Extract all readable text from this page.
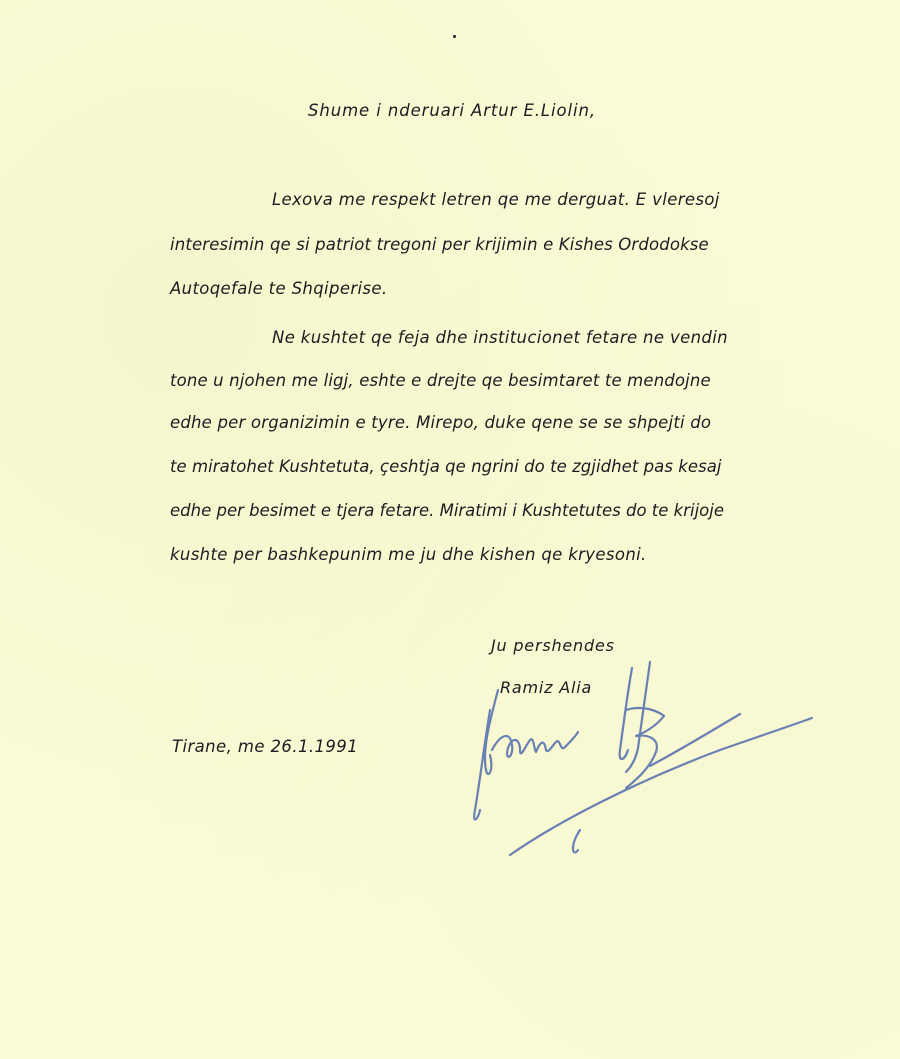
Shume i nderuari Artur E.Liolin,
Lexova me respekt letren qe me derguat. E vleresoj
interesimin qe si patriot tregoni per krijimin e Kishes Ordodokse
Autoqefale te Shqiperise.
Ne kushtet qe feja dhe institucionet fetare ne vendin
tone u njohen me ligj, eshte e drejte qe besimtaret te mendojne
edhe per organizimin e tyre. Mirepo, duke qene se se shpejti do
te miratohet Kushtetuta, çeshtja qe ngrini do te zgjidhet pas kesaj
edhe per besimet e tjera fetare. Miratimi i Kushtetutes do te krijoje
kushte per bashkepunim me ju dhe kishen qe kryesoni.
Ju pershendes
Ramiz Alia
Tirane, me 26.1.1991
